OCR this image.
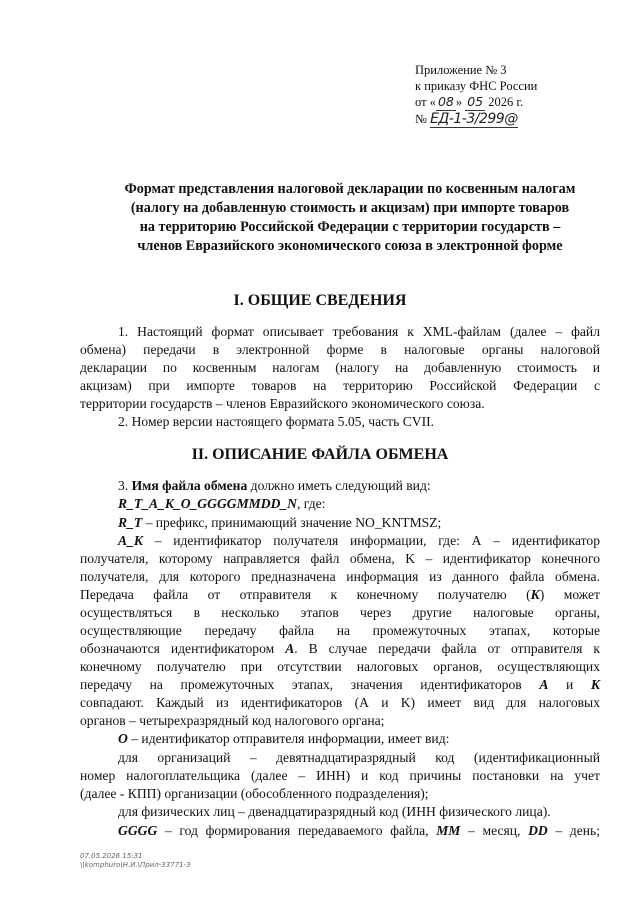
Приложение № 3
к приказу ФНС России
от « 08 » 05 2026 г.
№ ЕД-1-3/299@
Формат представления налоговой декларации по косвенным налогам
(налогу на добавленную стоимость и акцизам) при импорте товаров
на территорию Российской Федерации с территории государств –
членов Евразийского экономического союза в электронной форме
I. ОБЩИЕ СВЕДЕНИЯ
1. Настоящий формат описывает требования к XML-файлам (далее – файл
обмена) передачи в электронной форме в налоговые органы налоговой
декларации по косвенным налогам (налогу на добавленную стоимость и
акцизам) при импорте товаров на территорию Российской Федерации с
территории государств – членов Евразийского экономического союза.
2. Номер версии настоящего формата 5.05, часть CVII.
II. ОПИСАНИЕ ФАЙЛА ОБМЕНА
3. Имя файла обмена должно иметь следующий вид:
R_T_A_K_O_GGGGMMDD_N, где:
R_T – префикс, принимающий значение NO_KNTMSZ;
A_K – идентификатор получателя информации, где: А – идентификатор
получателя, которому направляется файл обмена, K – идентификатор конечного
получателя, для которого предназначена информация из данного файла обмена.
Передача файла от отправителя к конечному получателю (K) может
осуществляться в несколько этапов через другие налоговые органы,
осуществляющие передачу файла на промежуточных этапах, которые
обозначаются идентификатором A. В случае передачи файла от отправителя к
конечному получателю при отсутствии налоговых органов, осуществляющих
передачу на промежуточных этапах, значения идентификаторов A и K
совпадают. Каждый из идентификаторов (А и K) имеет вид для налоговых
органов – четырехразрядный код налогового органа;
O – идентификатор отправителя информации, имеет вид:
для организаций – девятнадцатиразрядный код (идентификационный
номер налогоплательщика (далее – ИНН) и код причины постановки на учет
(далее - КПП) организации (обособленного подразделения);
для физических лиц – двенадцатиразрядный код (ИНН физического лица).
GGGG – год формирования передаваемого файла, MM – месяц, DD – день;
07.05.2026 15:31
\\komphuro\Н.И.\Прил-33771-3
